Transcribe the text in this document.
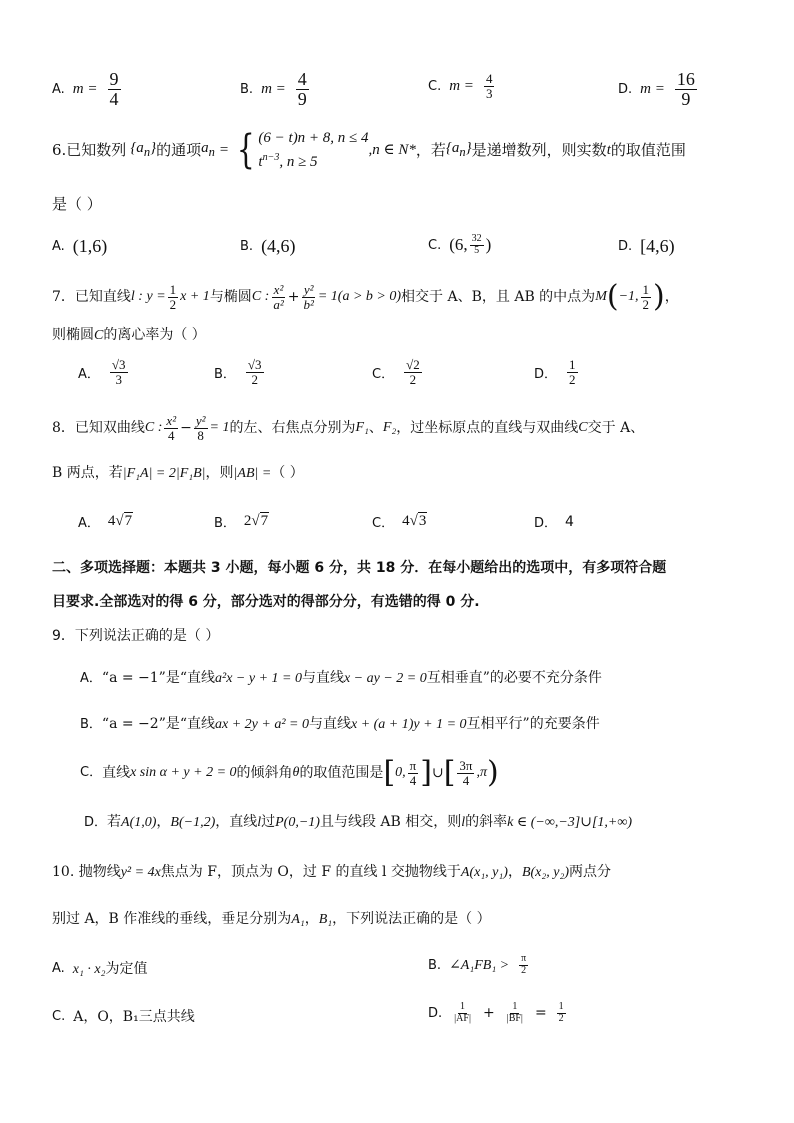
A. $m = \frac{9}{4}$	B. $m = \frac{4}{9}$	C. $m = \frac{4}{3}$	D. $m = \frac{16}{9}$
6.已知数列 $\{a_n\}$ 的通项 $a_n$ = { (6 − t)n + 8, n ≤ 4
$t^{n-3}$, n ≥ 5
,n ∈ N* ，若 $\{a_n\}$ 是递增数列，则实数 t 的取值范围
是（ ）
A. (1,6)	B. (4,6)	C. (6, $\frac{32}{5}$ )	D. [4,6)
7．已知直线 l : $y = \frac{1}{2}$ x + 1 与椭圆 C : $\frac{\text{x²}}{\text{a²}} + \frac{\text{y²}}{\text{b²}} = 1(a > b > 0)$ 相交于 A、B，且 AB 的中点为 M ( −1, $\frac{1}{2}$ ) ，
则椭圆C的离心率为（ ）
A． $\frac{√3}{3}$	B． $\frac{√3}{2}$	C． $\frac{√2}{2}$	D． $\frac{1}{2}$
8．已知双曲线 C : $\frac{\text{x²}}{4} - \frac{\text{y²}}{8} = 1$ 的左、右焦点分别为 F₁ 、 F₂ ，过坐标原点的直线与双曲线 C 交于 A、
B 两点，若|F₁A| = 2|F₁B|，则|AB| =（ ）
A． 4√7	B． 2√7	C． 4√3	D． 4
二、多项选择题：本题共 3 小题，每小题 6 分，共 18 分．在每小题给出的选项中，有多项符合题
目要求.全部选对的得 6 分，部分选对的得部分分，有选错的得 0 分.
9．下列说法正确的是（ ）
A．“a = −1”是“直线a²x − y + 1 = 0与直线x − ay − 2 = 0互相垂直”的必要不充分条件
B．“a = −2”是“直线ax + 2y + a² = 0与直线x + (a + 1)y + 1 = 0互相平行”的充要条件
C． 直线 x sin α + y + 2 = 0 的倾斜角 θ 的取值范围是 [ 0, $\frac{\pi}{4}$ ] ∪ [ $\frac{3\pi}{4} ,\pi$ )
D．若A(1,0)，B(−1,2)，直线l过P(0,−1)且与线段 AB 相交，则l的斜率k ∈ (−∞,−3]∪[1,+∞)
10. 抛物线y² = 4x焦点为 F，顶点为 O，过 F 的直线 l 交抛物线于A(x₁, y₁)，B(x₂, y₂)两点分
别过 A，B 作准线的垂线，垂足分别为A₁，B₁，下列说法正确的是（ ）
A. x₁ · x₂为定值	B. ∠A₁FB₁ > $\frac{\pi}{2}$
C. A，O，B₁三点共线	D. $\frac{1}{|AF|} + \frac{1}{|BF|} = \frac{1}{2}$
